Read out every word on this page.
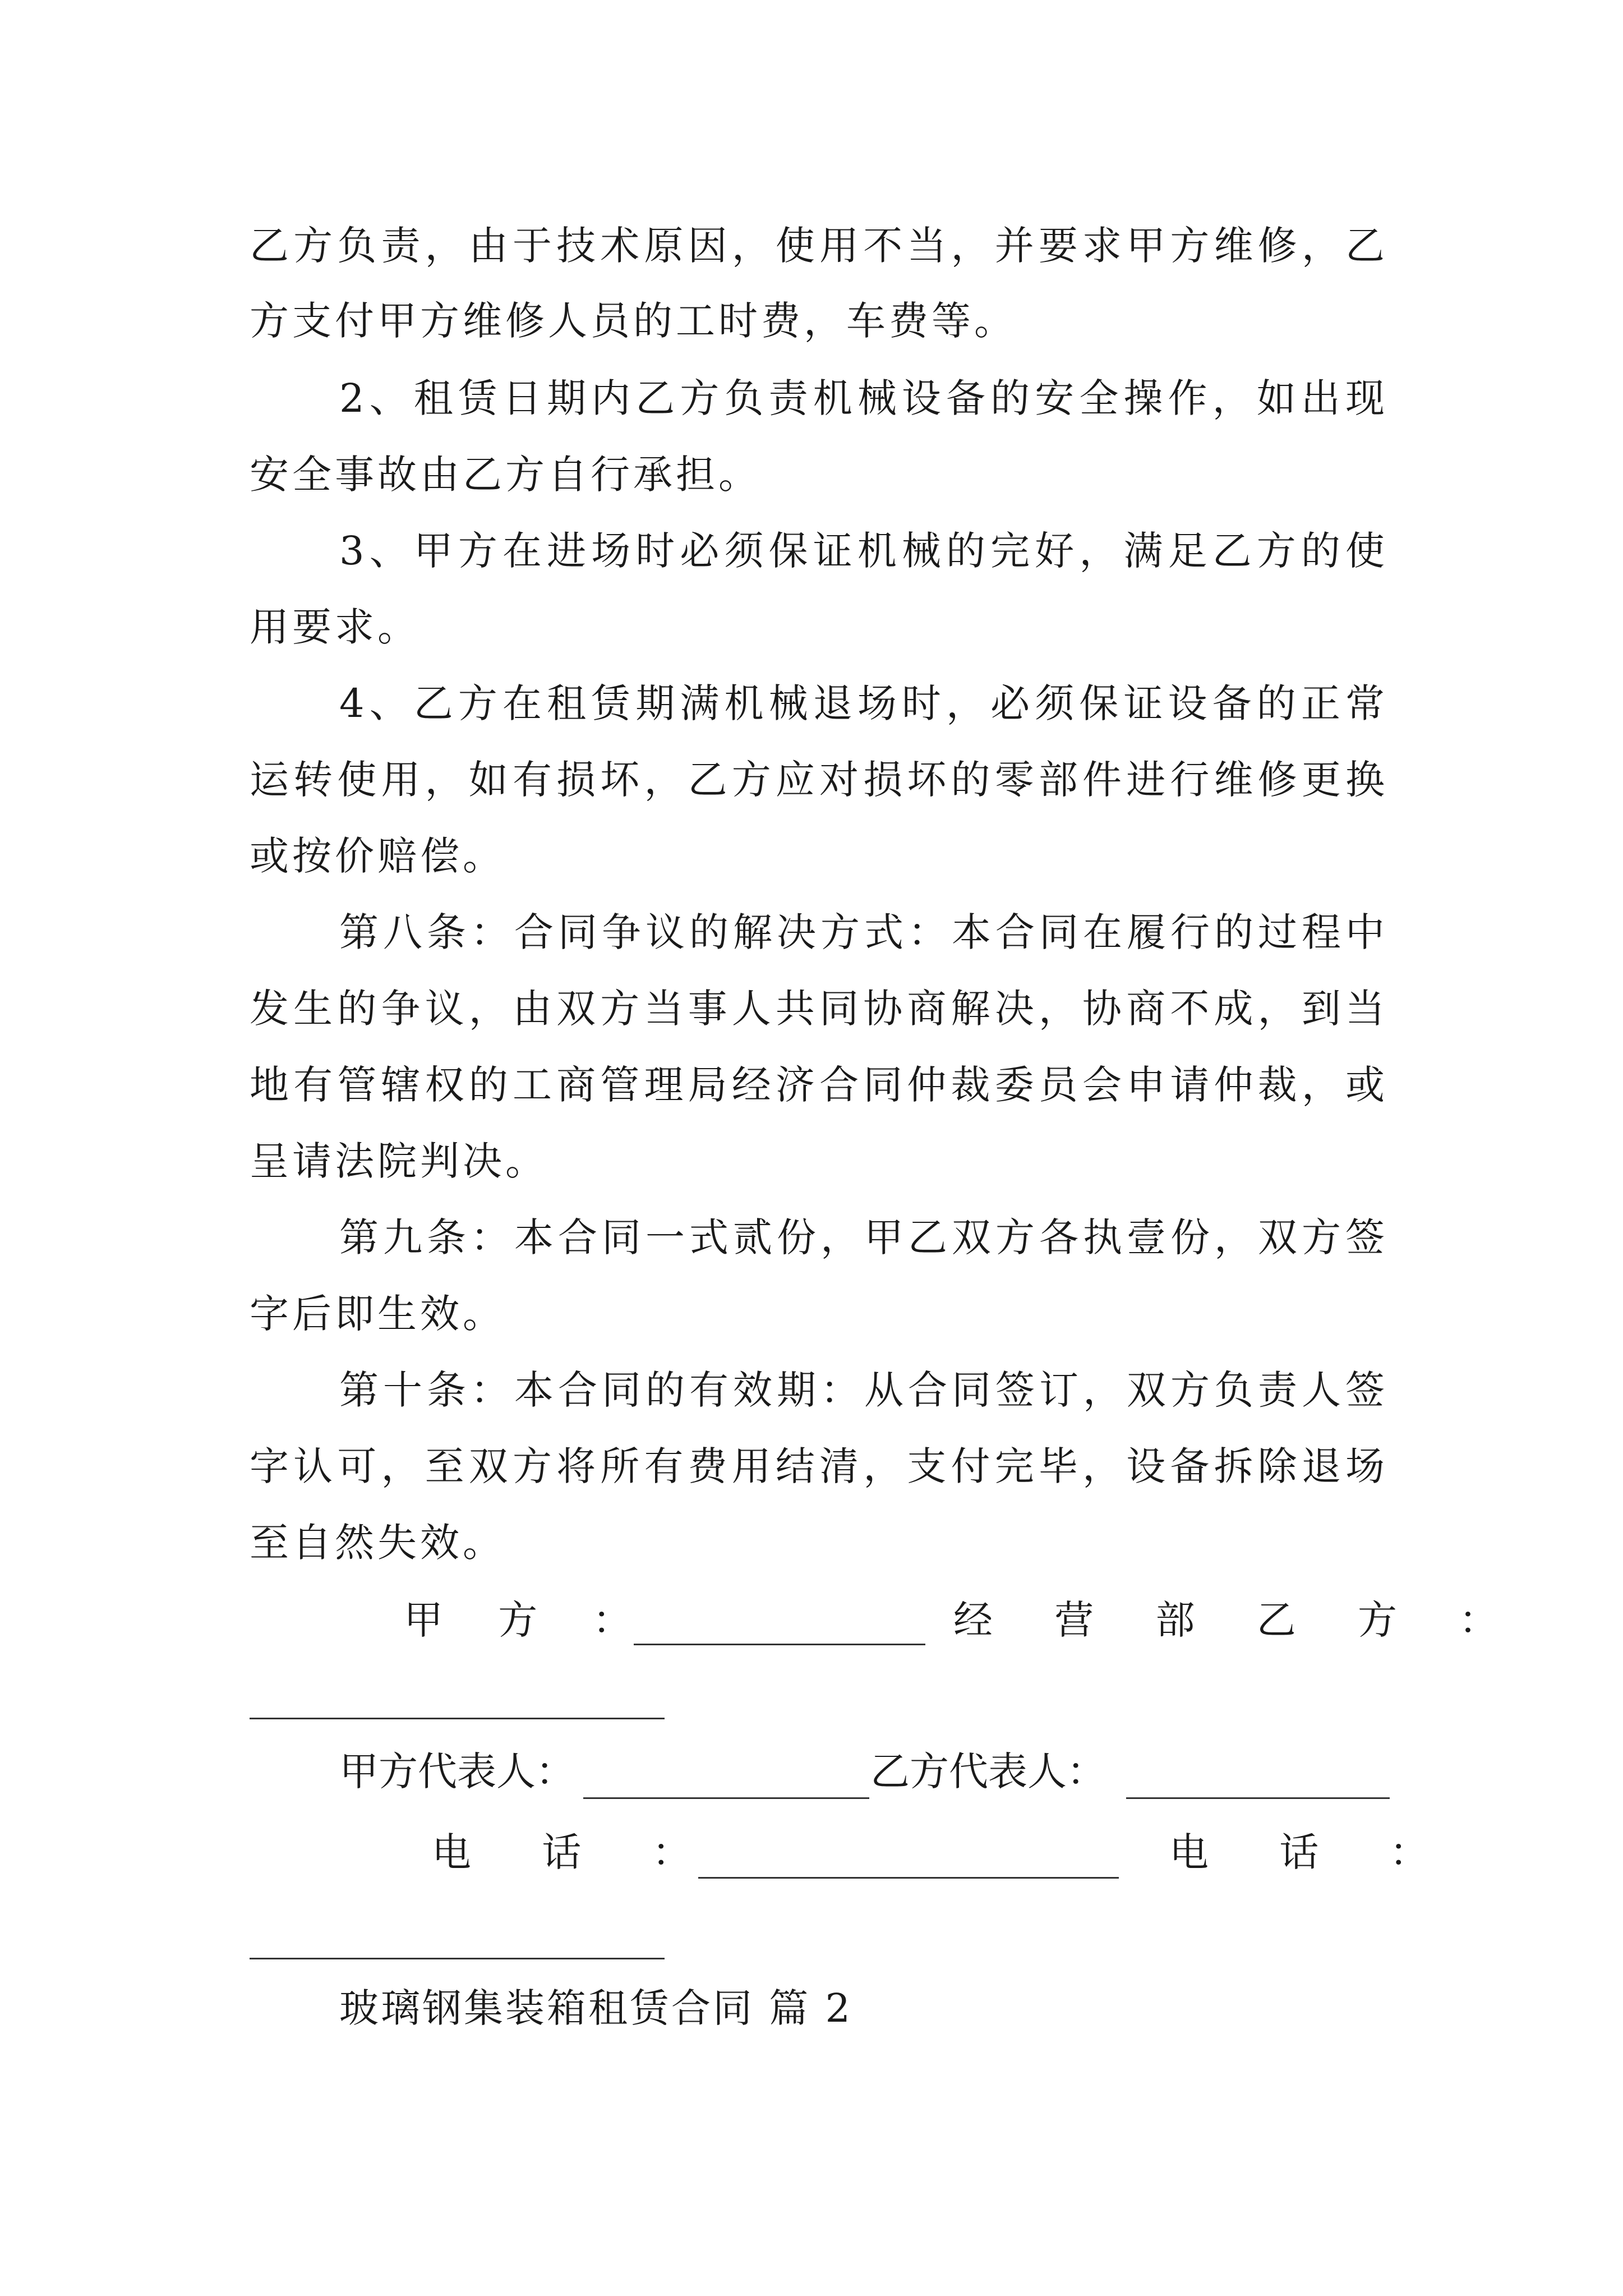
乙方负责，由于技术原因，使用不当，并要求甲方维修，乙
方支付甲方维修人员的工时费，车费等。
2、租赁日期内乙方负责机械设备的安全操作，如出现
安全事故由乙方自行承担。
3、甲方在进场时必须保证机械的完好，满足乙方的使
用要求。
4、乙方在租赁期满机械退场时，必须保证设备的正常
运转使用，如有损坏，乙方应对损坏的零部件进行维修更换
或按价赔偿。
第八条：合同争议的解决方式：本合同在履行的过程中
发生的争议，由双方当事人共同协商解决，协商不成，到当
地有管辖权的工商管理局经济合同仲裁委员会申请仲裁，或
呈请法院判决。
第九条：本合同一式贰份，甲乙双方各执壹份，双方签
字后即生效。
第十条：本合同的有效期：从合同签订，双方负责人签
字认可，至双方将所有费用结清，支付完毕，设备拆除退场
至自然失效。
甲 方 ：	经 营 部 乙 方 ：
甲方代表人：	乙方代表人：
电 话 ：	电 话 ：
玻璃钢集装箱租赁合同 篇 2
